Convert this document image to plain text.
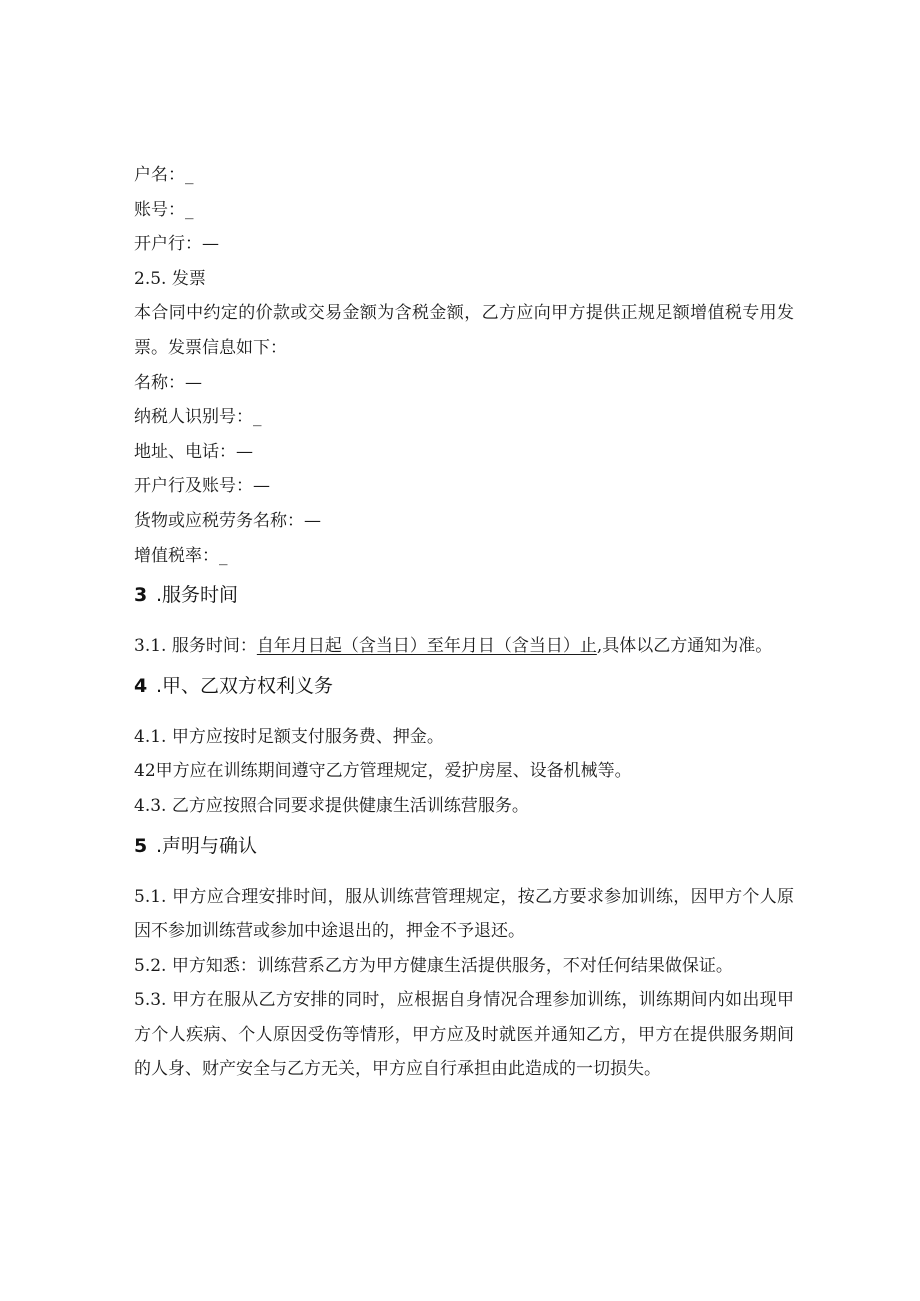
户名：_
账号：_
开户行：—
2.5. 发票
本合同中约定的价款或交易金额为含税金额，乙方应向甲方提供正规足额增值税专用发票。发票信息如下：
名称：—
纳税人识别号：_
地址、电话：—
开户行及账号：—
货物或应税劳务名称：—
增值税率：_
3 .服务时间
3.1. 服务时间：自年月日起（含当日）至年月日（含当日）止,具体以乙方通知为准。
4 .甲、乙双方权利义务
4.1. 甲方应按时足额支付服务费、押金。
42甲方应在训练期间遵守乙方管理规定，爱护房屋、设备机械等。
4.3. 乙方应按照合同要求提供健康生活训练营服务。
5 .声明与确认
5.1. 甲方应合理安排时间，服从训练营管理规定，按乙方要求参加训练，因甲方个人原因不参加训练营或参加中途退出的，押金不予退还。
5.2. 甲方知悉：训练营系乙方为甲方健康生活提供服务，不对任何结果做保证。
5.3. 甲方在服从乙方安排的同时，应根据自身情况合理参加训练，训练期间内如出现甲方个人疾病、个人原因受伤等情形，甲方应及时就医并通知乙方，甲方在提供服务期间的人身、财产安全与乙方无关，甲方应自行承担由此造成的一切损失。
